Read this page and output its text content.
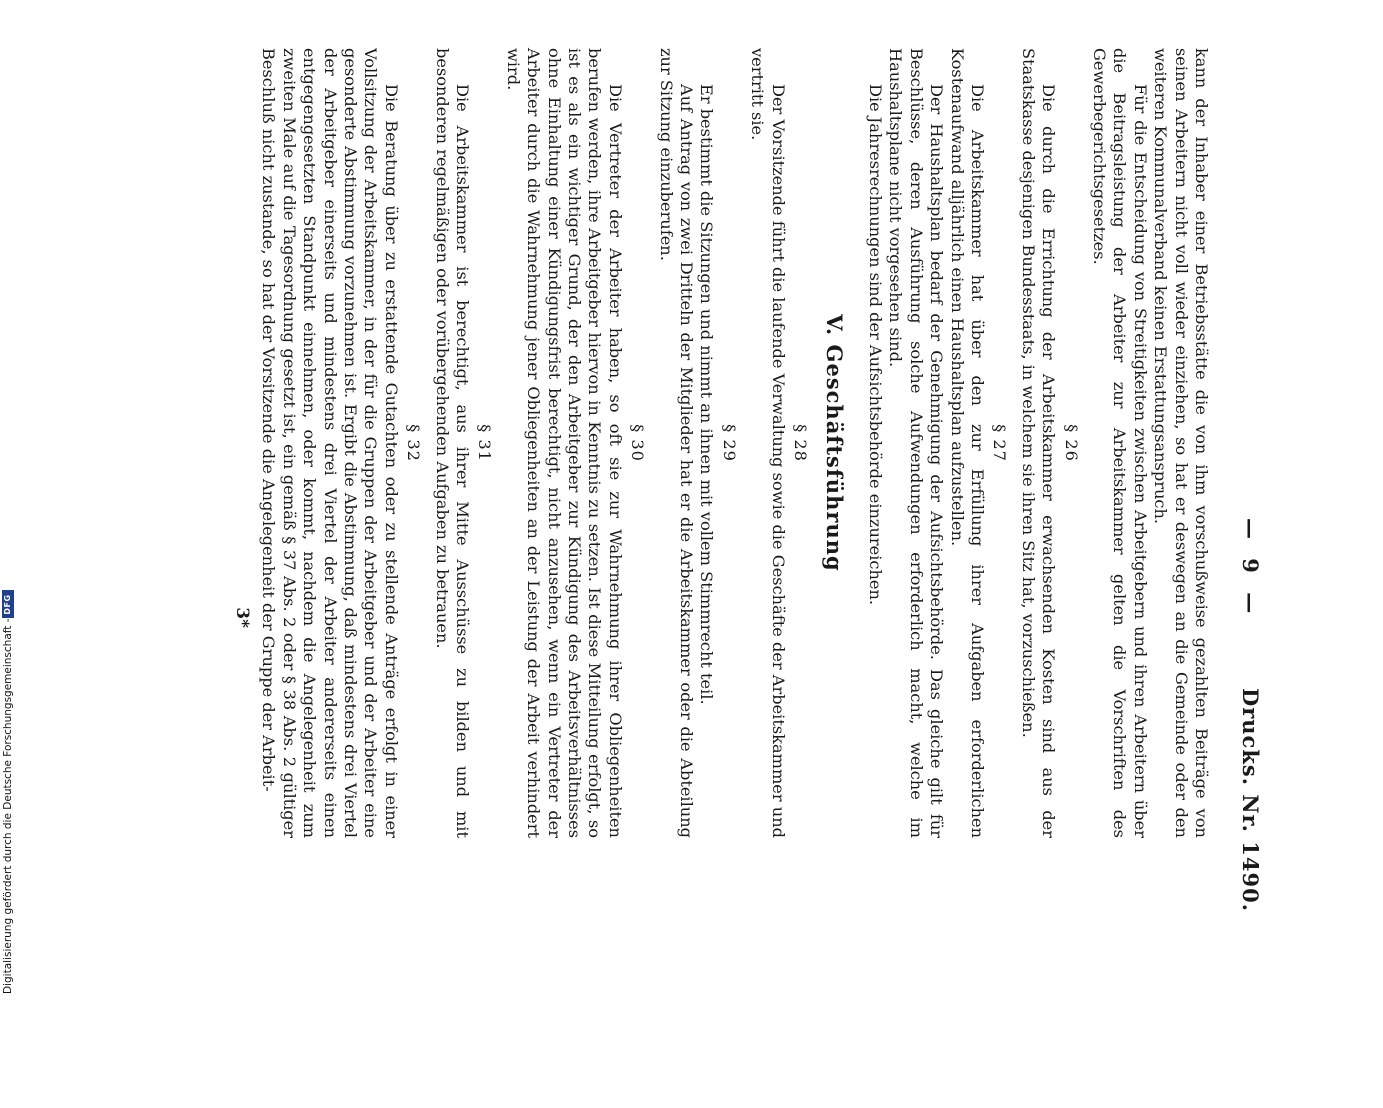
— 9 —
Drucks. Nr. 1490.

kann der Inhaber einer Betriebsstätte die von ihm vorschußweise gezahlten Beiträge von seinen Arbeitern nicht voll wieder einziehen, so hat er deswegen an die Gemeinde oder den weiteren Kommunalverband keinen Erstattungsanspruch.

Für die Entscheidung von Streitigkeiten zwischen Arbeitgebern und ihren Arbeitern über die Beitragsleistung der Arbeiter zur Arbeitskammer gelten die Vorschriften des Gewerbegerichtsgesetzes.

§ 26

Die durch die Errichtung der Arbeitskammer erwachsenden Kosten sind aus der Staatskasse desjenigen Bundesstaats, in welchem sie ihren Sitz hat, vorzuschießen.

§ 27

Die Arbeitskammer hat über den zur Erfüllung ihrer Aufgaben erforderlichen Kostenaufwand alljährlich einen Haushaltsplan aufzustellen.

Der Haushaltsplan bedarf der Genehmigung der Aufsichtsbehörde. Das gleiche gilt für Beschlüsse, deren Ausführung solche Aufwendungen erforderlich macht, welche im Haushaltsplane nicht vorgesehen sind.

Die Jahresrechnungen sind der Aufsichtsbehörde einzureichen.

V. Geschäftsführung
§ 28

Der Vorsitzende führt die laufende Verwaltung sowie die Geschäfte der Arbeitskammer und vertritt sie.

§ 29

Er bestimmt die Sitzungen und nimmt an ihnen mit vollem Stimmrecht teil.

Auf Antrag von zwei Dritteln der Mitglieder hat er die Arbeitskammer oder die Abteilung zur Sitzung einzuberufen.

§ 30

Die Vertreter der Arbeiter haben, so oft sie zur Wahrnehmung ihrer Obliegenheiten berufen werden, ihre Arbeitgeber hiervon in Kenntnis zu setzen. Ist diese Mitteilung erfolgt, so ist es als ein wichtiger Grund, der den Arbeitgeber zur Kündigung des Arbeitsverhältnisses ohne Einhaltung einer Kündigungsfrist berechtigt, nicht anzusehen, wenn ein Vertreter der Arbeiter durch die Wahrnehmung jener Obliegenheiten an der Leistung der Arbeit verhindert wird.

§ 31

Die Arbeitskammer ist berechtigt, aus ihrer Mitte Ausschüsse zu bilden und mit besonderen regelmäßigen oder vorübergehenden Aufgaben zu betrauen.

§ 32

Die Beratung über zu erstattende Gutachten oder zu stellende Anträge erfolgt in einer Vollsitzung der Arbeitskammer, in der für die Gruppen der Arbeitgeber und der Arbeiter eine gesonderte Abstimmung vorzunehmen ist. Ergibt die Abstimmung, daß mindestens drei Viertel der Arbeitgeber einerseits und mindestens drei Viertel der Arbeiter andererseits einen entgegengesetzten Standpunkt einnehmen, oder kommt, nachdem die Angelegenheit zum zweiten Male auf die Tagesordnung gesetzt ist, ein gemäß § 37 Abs. 2 oder § 38 Abs. 2 gültiger Beschluß nicht zustande, so hat der Vorsitzende die Angelegenheit der Gruppe der Arbeit-

3*
Digitalisierung gefördert durch die Deutsche Forschungsgemeinschaft -
DFG
